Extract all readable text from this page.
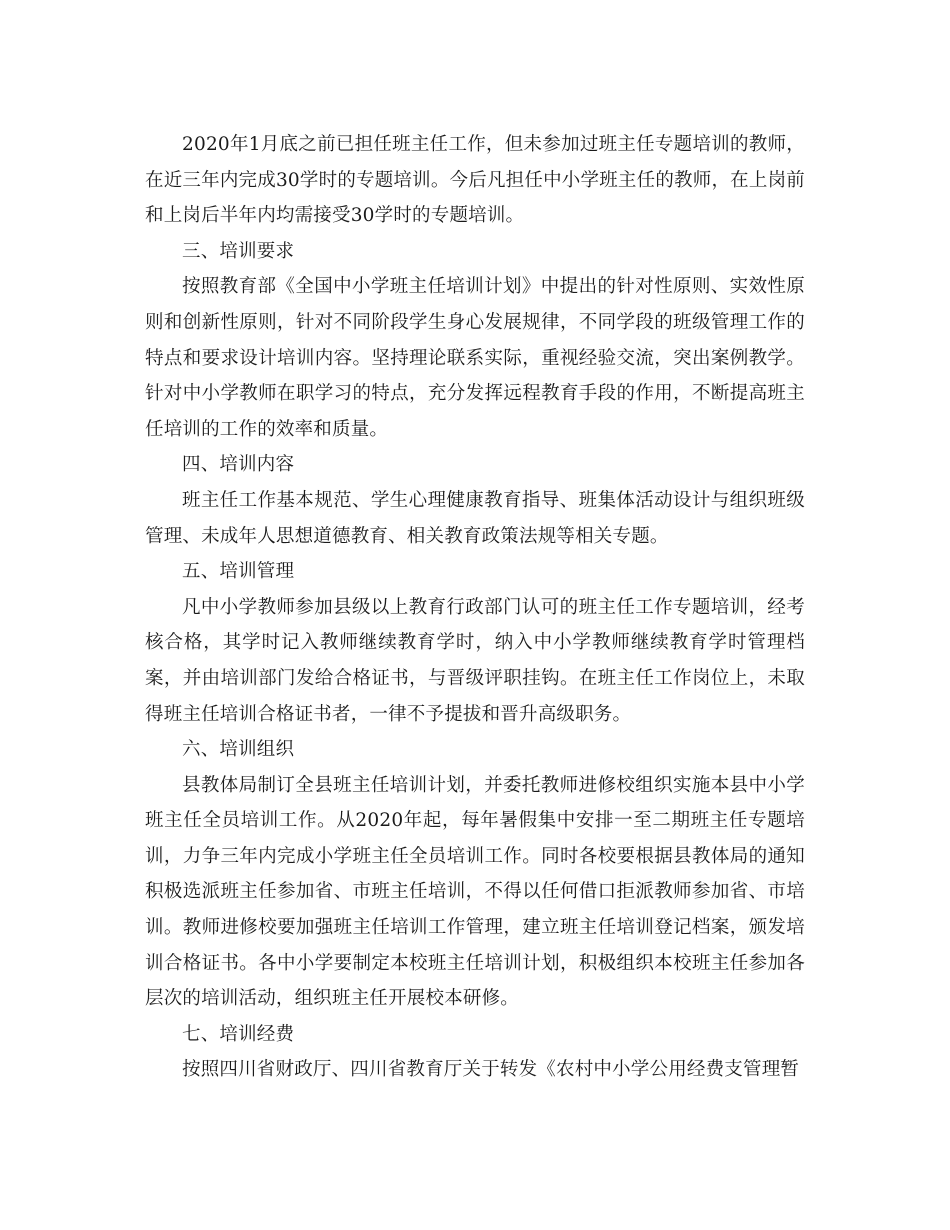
2020年1月底之前已担任班主任工作，但未参加过班主任专题培训的教师，在近三年内完成30学时的专题培训。今后凡担任中小学班主任的教师，在上岗前和上岗后半年内均需接受30学时的专题培训。

三、培训要求

按照教育部《全国中小学班主任培训计划》中提出的针对性原则、实效性原则和创新性原则，针对不同阶段学生身心发展规律，不同学段的班级管理工作的特点和要求设计培训内容。坚持理论联系实际，重视经验交流，突出案例教学。针对中小学教师在职学习的特点，充分发挥远程教育手段的作用，不断提高班主任培训的工作的效率和质量。

四、培训内容

班主任工作基本规范、学生心理健康教育指导、班集体活动设计与组织班级管理、未成年人思想道德教育、相关教育政策法规等相关专题。

五、培训管理

凡中小学教师参加县级以上教育行政部门认可的班主任工作专题培训，经考核合格，其学时记入教师继续教育学时，纳入中小学教师继续教育学时管理档案，并由培训部门发给合格证书，与晋级评职挂钩。在班主任工作岗位上，未取得班主任培训合格证书者，一律不予提拔和晋升高级职务。

六、培训组织

县教体局制订全县班主任培训计划，并委托教师进修校组织实施本县中小学班主任全员培训工作。从2020年起，每年暑假集中安排一至二期班主任专题培训，力争三年内完成小学班主任全员培训工作。同时各校要根据县教体局的通知积极选派班主任参加省、市班主任培训，不得以任何借口拒派教师参加省、市培训。教师进修校要加强班主任培训工作管理，建立班主任培训登记档案，颁发培训合格证书。各中小学要制定本校班主任培训计划，积极组织本校班主任参加各层次的培训活动，组织班主任开展校本研修。

七、培训经费

按照四川省财政厅、四川省教育厅关于转发《农村中小学公用经费支管理暂
